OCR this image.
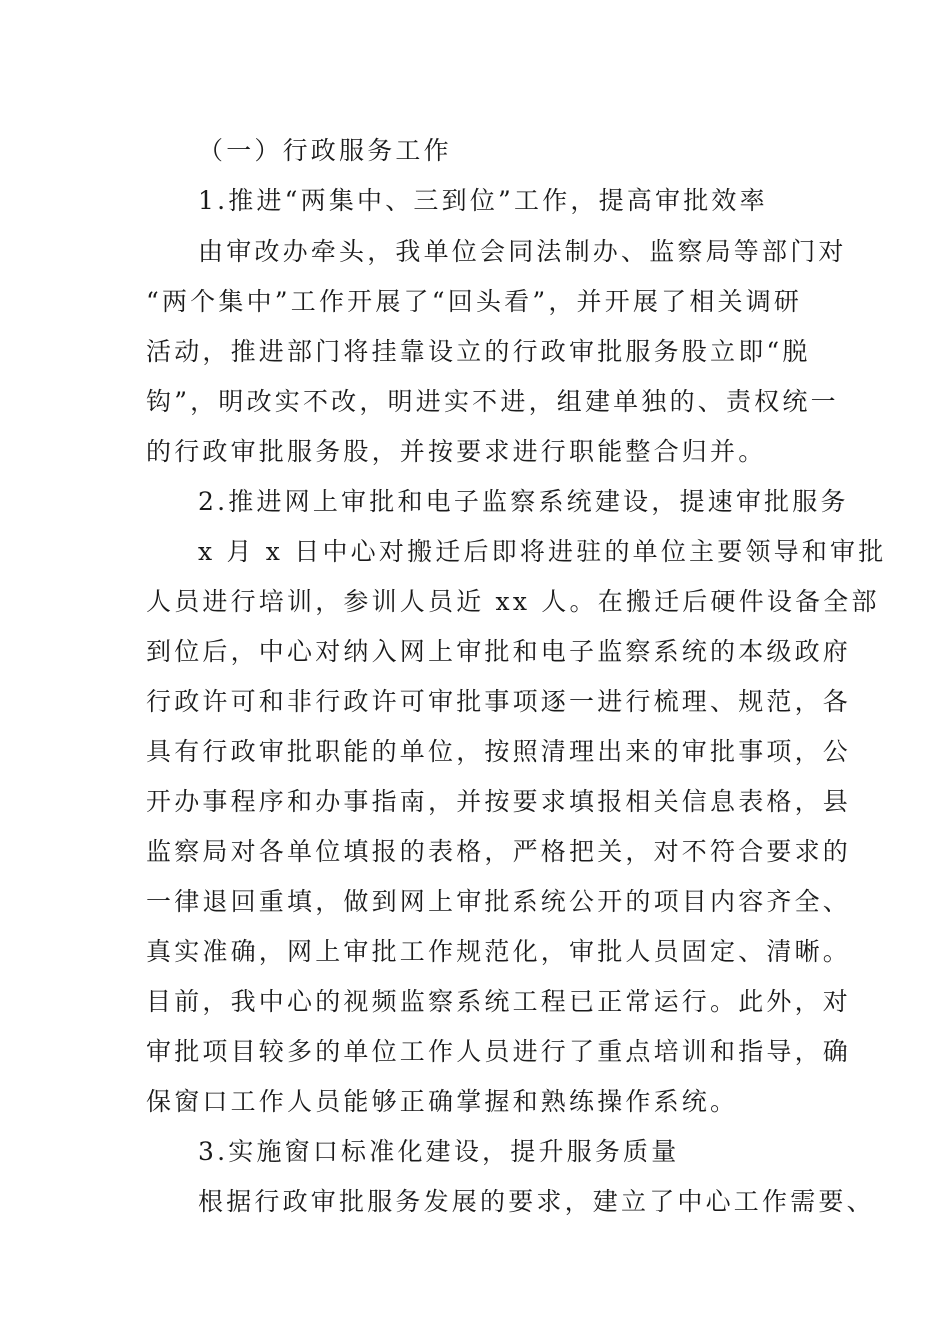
（一）行政服务工作
1.推进“两集中、三到位”工作，提高审批效率
由审改办牵头，我单位会同法制办、监察局等部门对
“两个集中”工作开展了“回头看”，并开展了相关调研
活动，推进部门将挂靠设立的行政审批服务股立即“脱
钩”，明改实不改，明进实不进，组建单独的、责权统一
的行政审批服务股，并按要求进行职能整合归并。
2.推进网上审批和电子监察系统建设，提速审批服务
x 月 x 日中心对搬迁后即将进驻的单位主要领导和审批
人员进行培训，参训人员近 xx 人。在搬迁后硬件设备全部
到位后，中心对纳入网上审批和电子监察系统的本级政府
行政许可和非行政许可审批事项逐一进行梳理、规范，各
具有行政审批职能的单位，按照清理出来的审批事项，公
开办事程序和办事指南，并按要求填报相关信息表格，县
监察局对各单位填报的表格，严格把关，对不符合要求的
一律退回重填，做到网上审批系统公开的项目内容齐全、
真实准确，网上审批工作规范化，审批人员固定、清晰。
目前，我中心的视频监察系统工程已正常运行。此外，对
审批项目较多的单位工作人员进行了重点培训和指导，确
保窗口工作人员能够正确掌握和熟练操作系统。
3.实施窗口标准化建设，提升服务质量
根据行政审批服务发展的要求，建立了中心工作需要、
